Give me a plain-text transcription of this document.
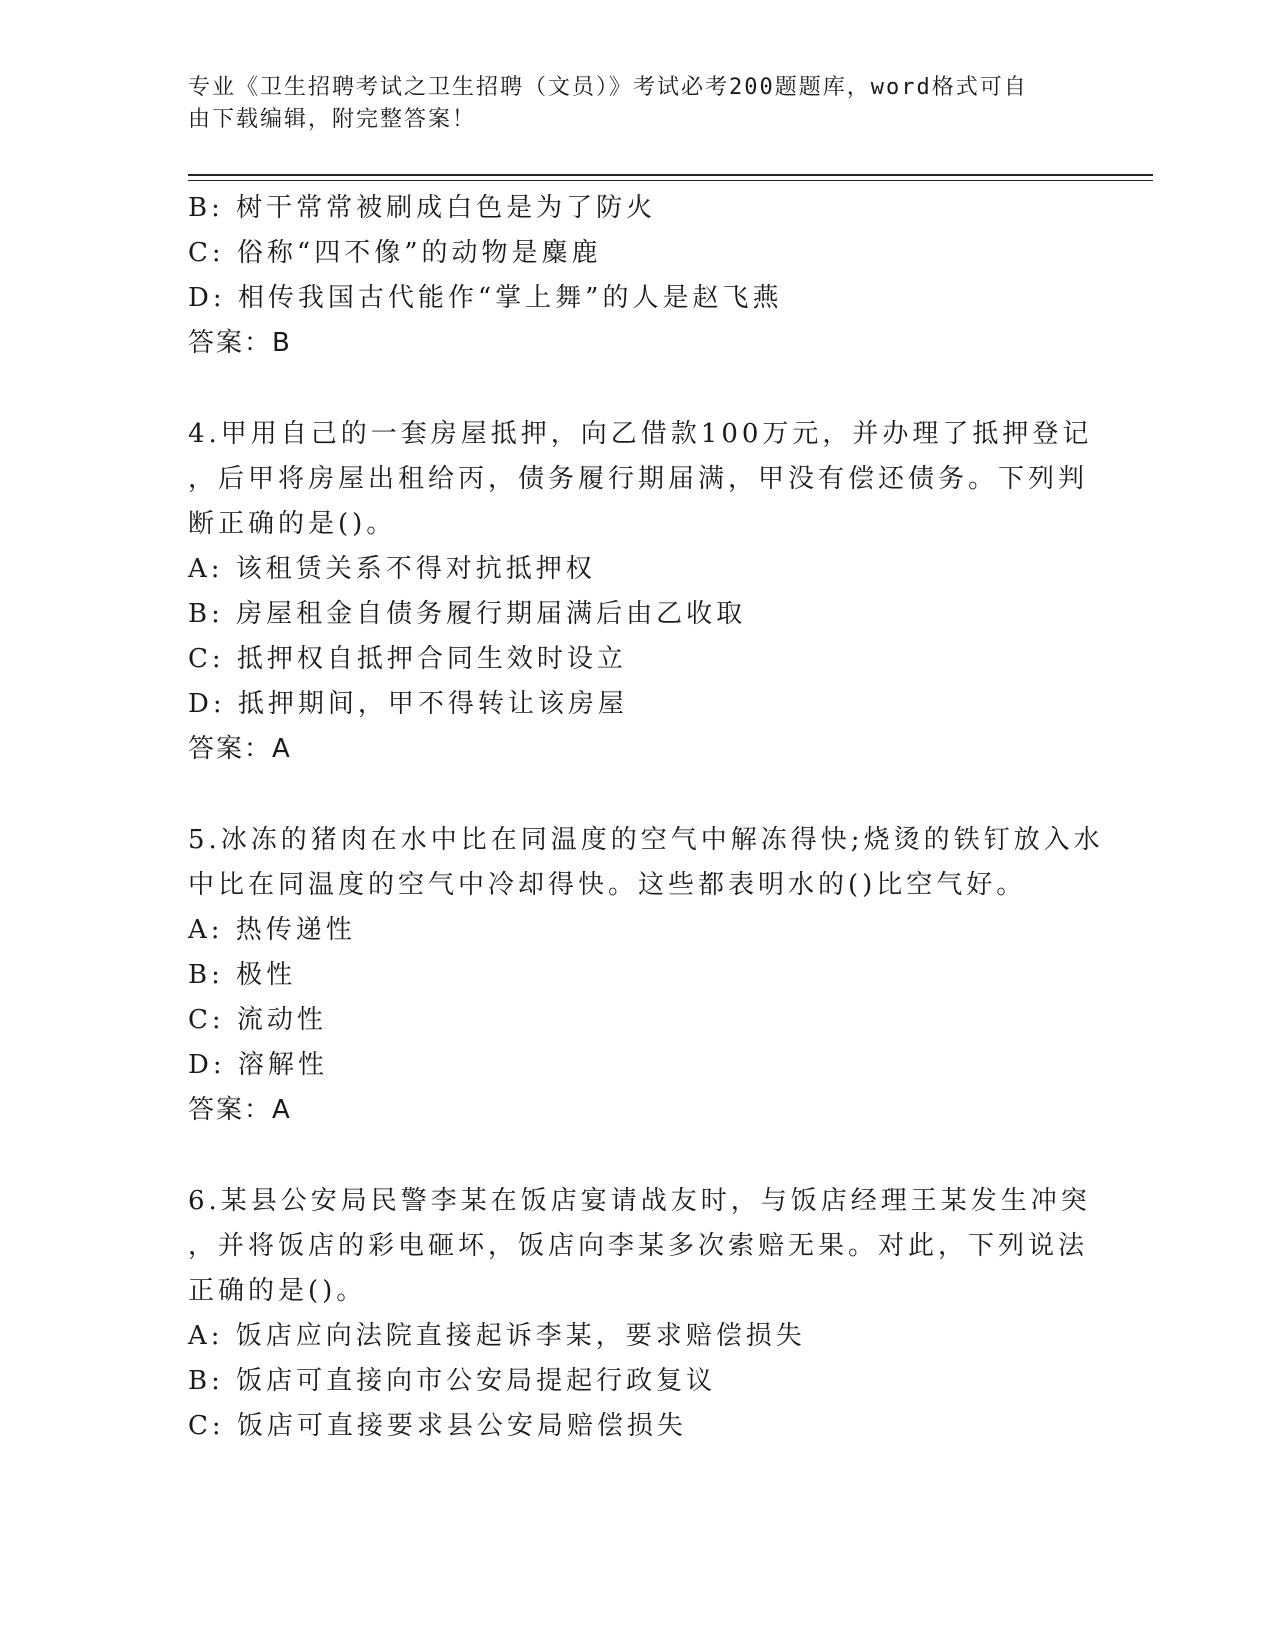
专业《卫生招聘考试之卫生招聘（文员）》考试必考200题题库，word格式可自
由下载编辑，附完整答案！
B: 树干常常被刷成白色是为了防火
C: 俗称“四不像”的动物是麋鹿
D: 相传我国古代能作“掌上舞”的人是赵飞燕
答案：B
4.甲用自己的一套房屋抵押，向乙借款100万元，并办理了抵押登记
，后甲将房屋出租给丙，债务履行期届满，甲没有偿还债务。下列判
断正确的是()。
A: 该租赁关系不得对抗抵押权
B: 房屋租金自债务履行期届满后由乙收取
C: 抵押权自抵押合同生效时设立
D: 抵押期间，甲不得转让该房屋
答案：A
5.冰冻的猪肉在水中比在同温度的空气中解冻得快;烧烫的铁钉放入水
中比在同温度的空气中冷却得快。这些都表明水的()比空气好。
A: 热传递性
B: 极性
C: 流动性
D: 溶解性
答案：A
6.某县公安局民警李某在饭店宴请战友时，与饭店经理王某发生冲突
，并将饭店的彩电砸坏，饭店向李某多次索赔无果。对此，下列说法
正确的是()。
A: 饭店应向法院直接起诉李某，要求赔偿损失
B: 饭店可直接向市公安局提起行政复议
C: 饭店可直接要求县公安局赔偿损失
